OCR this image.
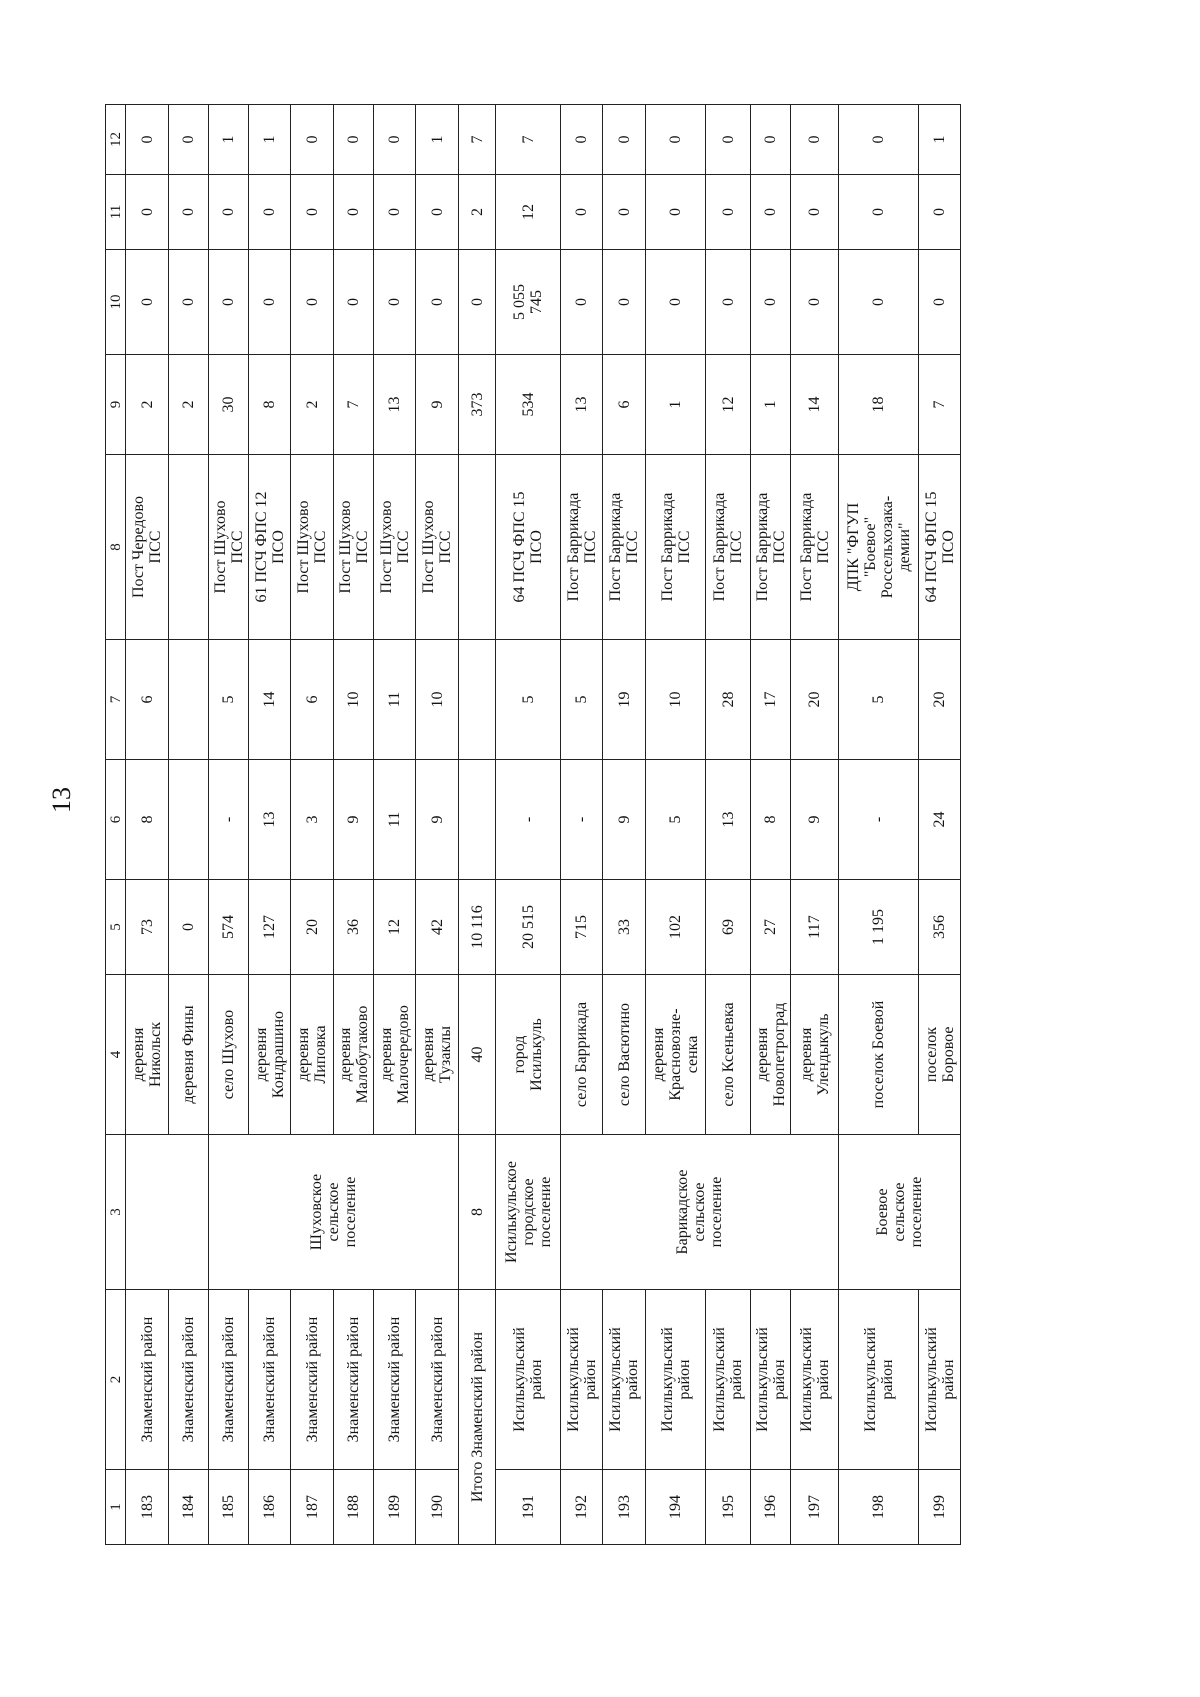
13
1	2	3	4	5	6	7	8	9	10	11	12
183	Знаменский район		деревня
Никольск	73	8	6	Пост Чередово
ПСС	2	0	0	0
184	Знаменский район		деревня Фины	0				2	0	0	0
185	Знаменский район	Шуховское
сельское
поселение	село Шухово	574	-	5	Пост Шухово
ПСС	30	0	0	1
186	Знаменский район		деревня
Кондрашино	127	13	14	61 ПСЧ ФПС 12
ПСО	8	0	0	1
187	Знаменский район		деревня
Липовка	20	3	6	Пост Шухово
ПСС	2	0	0	0
188	Знаменский район		деревня
Малобутаково	36	9	10	Пост Шухово
ПСС	7	0	0	0
189	Знаменский район		деревня
Малочередово	12	11	11	Пост Шухово
ПСС	13	0	0	0
190	Знаменский район		деревня
Тузаклы	42	9	10	Пост Шухово
ПСС	9	0	0	1
Итого Знаменский район		8	40	10 116				373	0	2	7
191	Исилькульский
район	Исилькульское
городское
поселение	город
Исилькуль	20 515	-	5	64 ПСЧ ФПС 15
ПСО	534	5 055
745	12	7
192	Исилькульский
район	Барикадское
сельское
поселение	село Баррикада	715	-	5	Пост Баррикада
ПСС	13	0	0	0
193	Исилькульский
район		село Васютино	33	9	19	Пост Баррикада
ПСС	6	0	0	0
194	Исилькульский
район		деревня
Красновозне-
сенка	102	5	10	Пост Баррикада
ПСС	1	0	0	0
195	Исилькульский
район		село Ксеньевка	69	13	28	Пост Баррикада
ПСС	12	0	0	0
196	Исилькульский
район		деревня
Новопетроград	27	8	17	Пост Баррикада
ПСС	1	0	0	0
197	Исилькульский
район		деревня
Улендыкуль	117	9	20	Пост Баррикада
ПСС	14	0	0	0
198	Исилькульский
район	Боевое
сельское
поселение	поселок Боевой	1 195	-	5	ДПК "ФГУП
"Боевое"
Россельхозака-
демии"	18	0	0	0
199	Исилькульский
район		поселок
Боровое	356	24	20	64 ПСЧ ФПС 15
ПСО	7	0	0	1
